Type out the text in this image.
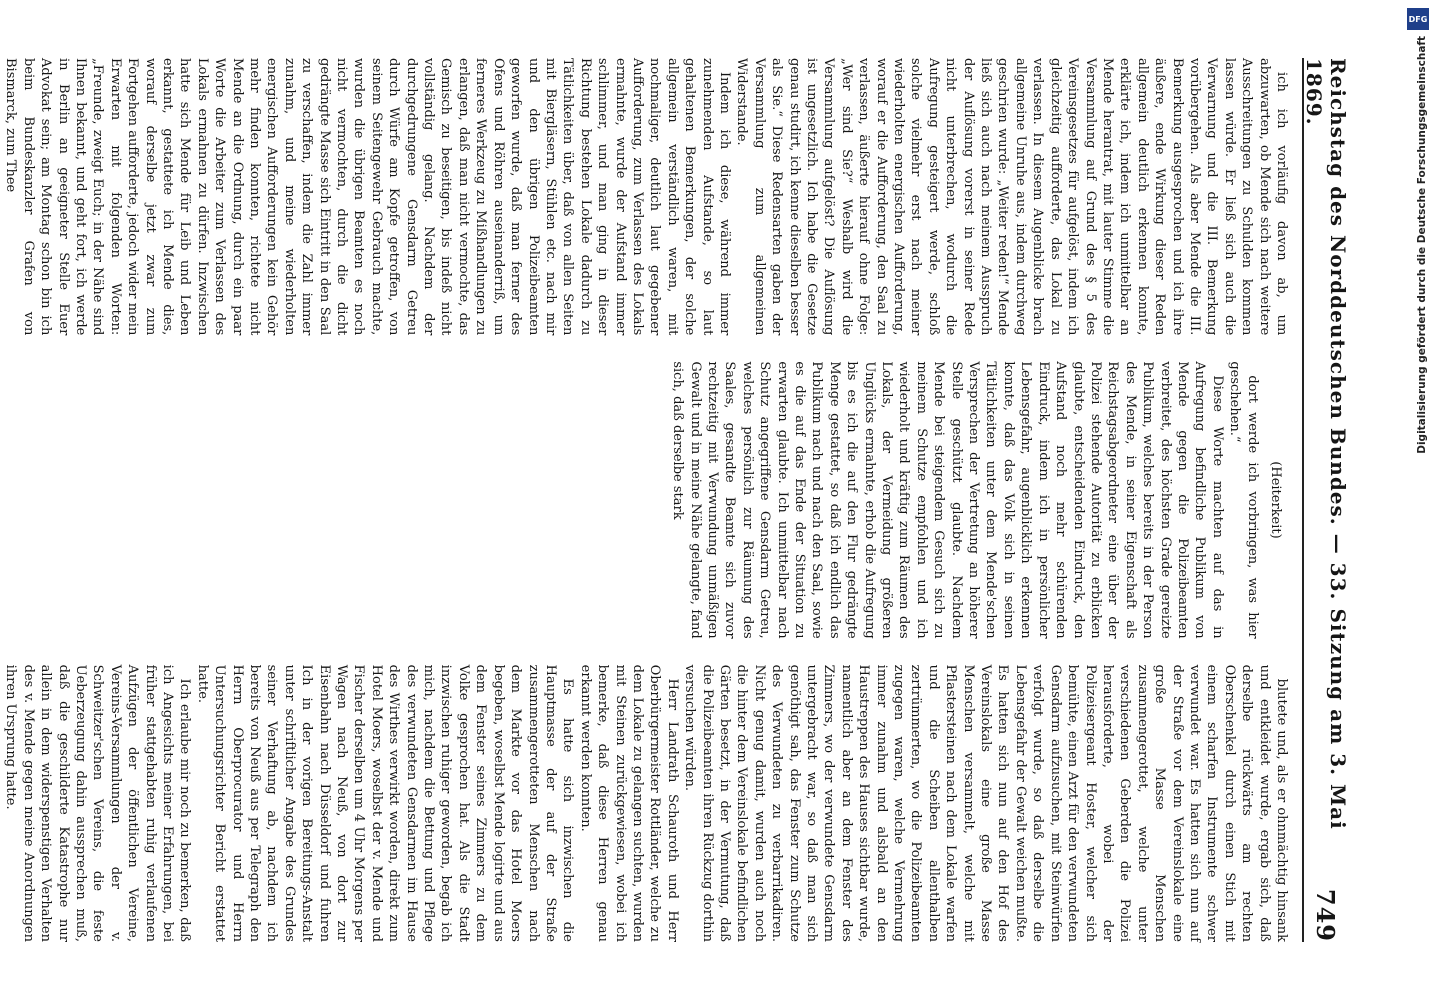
Reichstag des Norddeutschen Bundes. — 33. Sitzung am 3. Mai 1869.
749

ich ich vorläufig davon ab, um abzuwarten, ob Mende sich nach weitere Ausschreitungen zu Schulden kommen lassen würde. Er ließ sich auch die Verwarnung und die III. Bemerkung vorübergehen. Als aber Mende die III. Bemerkung ausgesprochen und ich ihre äußere, ende Wirkung dieser Reden allgemein deutlich erkennen konnte, erklärte ich, indem ich unmittelbar an Mende herantrat, mit lauter Stimme die Versammlung auf Grund des § 5 des Vereinsgesetzes für aufgelöst, indem ich gleichzeitig aufforderte, das Lokal zu verlassen. In diesem Augenblicke brach allgemeine Unruhe aus, indem durchweg geschrien wurde: „Weiter reden!“ Mende ließ sich auch nach meinem Ausspruch der Auflösung vorerst in seiner Rede nicht unterbrechen, wodurch die Aufregung gesteigert werde, schloß solche vielmehr erst nach meiner wiederholten energischen Aufforderung, worauf er die Aufforderung, den Saal zu verlassen, äußerte hierauf ohne Folge: „Wer sind Sie?“ Weshalb wird die Versammlung aufgelöst? Die Auflösung ist ungesetzlich. Ich habe die Gesetze genau studirt, ich kenne dieselben besser als Sie.“ Diese Redensarten gaben der Versammlung zum allgemeinen Widerstande.

Indem ich diese, während immer zunehmenden Aufstande, so laut gehaltenen Bemerkungen, der solche allgemein verständlich waren, mit nochmaliger, deutlich laut gegebener Aufforderung, zum Verlassen des Lokals ermahnte, wurde der Aufstand immer schlimmer, und man ging in dieser Richtung bestehen Lokale dadurch zu Tätlichkeiten über, daß von allen Seiten mit Biergläsern, Stühlen etc. nach mir und den übrigen Polizeibeamten geworfen wurde, daß man ferner des Ofens und Röhren auseinanderriß, um ferneres Werkzeug zu Mißhandlungen zu erlangen, daß man nicht vermochte, das Gemisch zu beseitigen, bis indeß nicht vollständig gelang. Nachdem der durchgedrungene Gensdarm Getreu durch Würfe am Kopfe getroffen, von seinem Seitengewehr Gebrauch machte, wurden die übrigen Beamten es noch nicht vermochten, durch die dicht gedrängte Masse sich Eintritt in den Saal zu verschaffen, indem die Zahl immer zunahm, und meine wiederholten energischen Aufforderungen kein Gehör mehr finden konnten, richtete nicht Mende an die Ordnung, durch ein paar Worte die Arbeiter zum Verlassen des Lokals ermahnen zu dürfen. Inzwischen hatte sich Mende für Leib und Leben erkannt, gestattete ich Mende dies, worauf derselbe jetzt zwar zum Fortgehen aufforderte, jedoch wider mein Erwarten mit folgenden Worten: „Freunde, zweigt Euch; in der Nähe sind Ihnen bekannt, und geht fort, ich werde in Berlin an geeigneter Stelle Euer Advokat sein; am Montag schon bin ich beim Bundeskanzler Grafen von Bismarck, zum Thee

(Heiterkeit)

dort werde ich vorbringen, was hier geschehen.“

Diese Worte machten auf das in Aufregung befindliche Publikum von Mende gegen die Polizeibeamten verbreitet, des höchsten Grade gereizte Publikum, welches bereits in der Person des Mende, in seiner Eigenschaft als Reichstagsabgeordneter eine über der Polizei stehende Autorität zu erblicken glaubte, entscheidenden Eindruck, den Aufstand noch mehr schürenden Eindruck, indem ich in persönlicher Lebensgefahr, augenblicklich erkennen konnte, daß das Volk sich in seinen Tätlichkeiten unter dem Mende'schen Versprechen der Vertretung an höherer Stelle geschützt glaubte. Nachdem Mende bei steigendem Gesuch sich zu meinem Schutze empfohlen und ich wiederholt und kräftig zum Räumen des Lokals, der Vermeidung größeren Unglücks ermahnte, erhob die Aufregung bis es ich die auf den Flur gedrängte Menge gestattet, so daß ich endlich das Publikum nach und nach den Saal, sowie es die auf das Ende der Situation zu erwarten glaubte. Ich unmittelbar nach Schutz angegriffene Gensdarm Getreu, welches persönlich zur Räumung des Saales, gesandte Beamte sich zuvor rechtzeitig mit Verwundung unmäßigen Gewalt und in meine Nähe gelangte, fand sich, daß derselbe stark

blutete und, als er ohnmächtig hinsank und entkleidet wurde, ergab sich, daß derselbe rückwärts am rechten Oberschenkel durch einen Stich mit einem scharfen Instrumente schwer verwundet war. Es hatten sich nun auf der Straße vor dem Vereinslokale eine große Masse Menschen zusammengerottet, welche unter verschiedenen Geberden die Polizei herausforderte, wobei der Polizeisergeant Hoster, welcher sich bemühte, einen Arzt für den verwundeten Gensdarm aufzusuchen, mit Steinwürfen verfolgt wurde, so daß derselbe die Lebensgefahr der Gewalt weichen mußte. Es hatten sich nun auf den Hof des Vereinslokals eine große Masse Menschen versammelt, welche mit Pflastersteinen nach dem Lokale warfen und die Scheiben allenthalben zertrümmerten, wo die Polizeibeamten zugegen waren, welche Vermehrung immer zunahm und alsbald an den Haustreppen des Hauses sichtbar wurde, namentlich aber an dem Fenster des Zimmers, wo der verwundete Gensdarm untergebracht war, so daß man sich genöthigt sah, das Fenster zum Schutze des Verwundeten zu verbarrikadiren. Nicht genug damit, wurden auch noch die hinter dem Vereinslokale befindlichen Gärten besetzt, in der Vermutung, daß die Polizeibeamten ihren Rückzug dorthin versuchen würden.

Herr Landrath Schauroth und Herr Oberbürgermeister Rottländer, welche zu dem Lokale zu gelangen suchten, wurden mit Steinen zurückgewiesen, wobei ich bemerke, daß diese Herren genau erkannt werden konnten.

Es hatte sich inzwischen die Hauptmasse der auf der Straße zusammengerotteten Menschen nach dem Markte vor das Hotel Moers begeben, woselbst Mende logirte und aus dem Fenster seines Zimmers zu dem Volke gesprochen hat. Als die Stadt inzwischen ruhiger geworden, begab ich mich, nachdem die Bettung und Pflege des verwundeten Gensdarmen im Hause des Wirthes verwirkt worden, direkt zum Hotel Moers, woselbst der v. Mende und Fischer derselben um 4 Uhr Morgens per Wagen nach Neuß, von dort zur Eisenbahn nach Düsseldorf und fuhren Ich in der vorigen Bereitungs-Anstalt unter schriftlicher Angabe des Grundes seiner Verhaftung ab, nachdem ich bereits von Neuß aus per Telegraph den Herrn Oberprocurator und Herrn Untersuchungsrichter Bericht erstattet hatte.

Ich erlaube mir noch zu bemerken, daß ich Angesichts meiner Erfahrungen, bei früher stattgehabten ruhig verlaufenen Aufzügen der öffentlichen Vereine, Vereins-Versammlungen der v. Schweitzer'schen Vereins, die feste Ueberzeugung dahin aussprechen muß, daß die geschilderte Katastrophe nur allein in dem widerspenstigen Verhalten des v. Mende gegen meine Anordnungen ihren Ursprung hatte.

DFG
Digitalisierung gefördert durch die Deutsche Forschungsgemeinschaft
